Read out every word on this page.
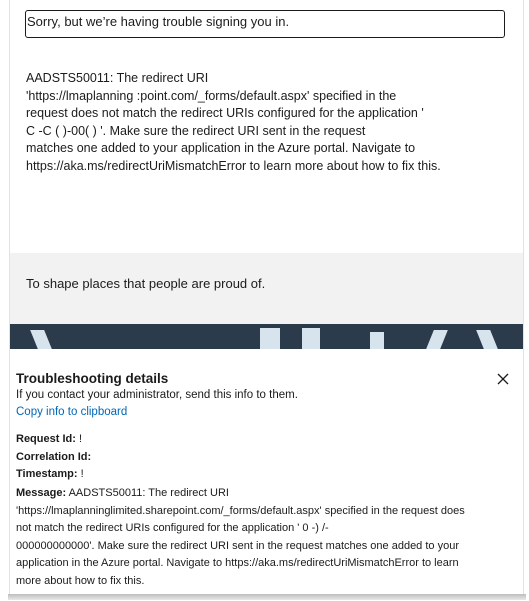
Sorry, but we’re having trouble signing you in.
AADSTS50011: The redirect URI
'https://lmaplanning :point.com/_forms/default.aspx' specified in the
request does not match the redirect URIs configured for the application '
C -C ( )-00( ) '. Make sure the redirect URI sent in the request
matches one added to your application in the Azure portal. Navigate to
https://aka.ms/redirectUriMismatchError to learn more about how to fix this.
To shape places that people are proud of.
Troubleshooting details
If you contact your administrator, send this info to them.
Copy info to clipboard
Request Id: !
Correlation Id:
Timestamp: !
Message: AADSTS50011: The redirect URI
'https://lmaplanninglimited.sharepoint.com/_forms/default.aspx' specified in the request does
not match the redirect URIs configured for the application ' 0 ‑) /‑
000000000000'. Make sure the redirect URI sent in the request matches one added to your
application in the Azure portal. Navigate to https://aka.ms/redirectUriMismatchError to learn
more about how to fix this.
